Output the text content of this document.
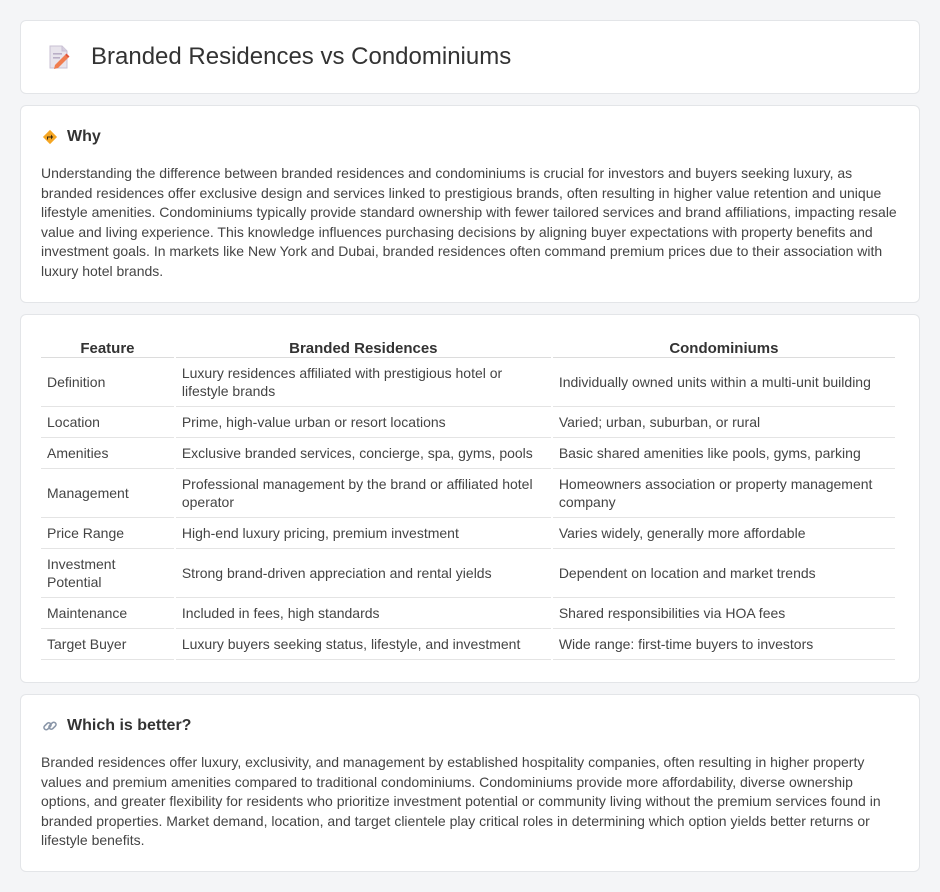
Branded Residences vs Condominiums
Why

Understanding the difference between branded residences and condominiums is crucial for investors and buyers seeking luxury, as branded residences offer exclusive design and services linked to prestigious brands, often resulting in higher value retention and unique lifestyle amenities. Condominiums typically provide standard ownership with fewer tailored services and brand affiliations, impacting resale value and living experience. This knowledge influences purchasing decisions by aligning buyer expectations with property benefits and investment goals. In markets like New York and Dubai, branded residences often command premium prices due to their association with luxury hotel brands.

Feature	Branded Residences	Condominiums
Definition	Luxury residences affiliated with prestigious hotel or lifestyle brands	Individually owned units within a multi-unit building
Location	Prime, high-value urban or resort locations	Varied; urban, suburban, or rural
Amenities	Exclusive branded services, concierge, spa, gyms, pools	Basic shared amenities like pools, gyms, parking
Management	Professional management by the brand or affiliated hotel operator	Homeowners association or property management company
Price Range	High-end luxury pricing, premium investment	Varies widely, generally more affordable
Investment Potential	Strong brand-driven appreciation and rental yields	Dependent on location and market trends
Maintenance	Included in fees, high standards	Shared responsibilities via HOA fees
Target Buyer	Luxury buyers seeking status, lifestyle, and investment	Wide range: first-time buyers to investors
Which is better?

Branded residences offer luxury, exclusivity, and management by established hospitality companies, often resulting in higher property values and premium amenities compared to traditional condominiums. Condominiums provide more affordability, diverse ownership options, and greater flexibility for residents who prioritize investment potential or community living without the premium services found in branded properties. Market demand, location, and target clientele play critical roles in determining which option yields better returns or lifestyle benefits.
